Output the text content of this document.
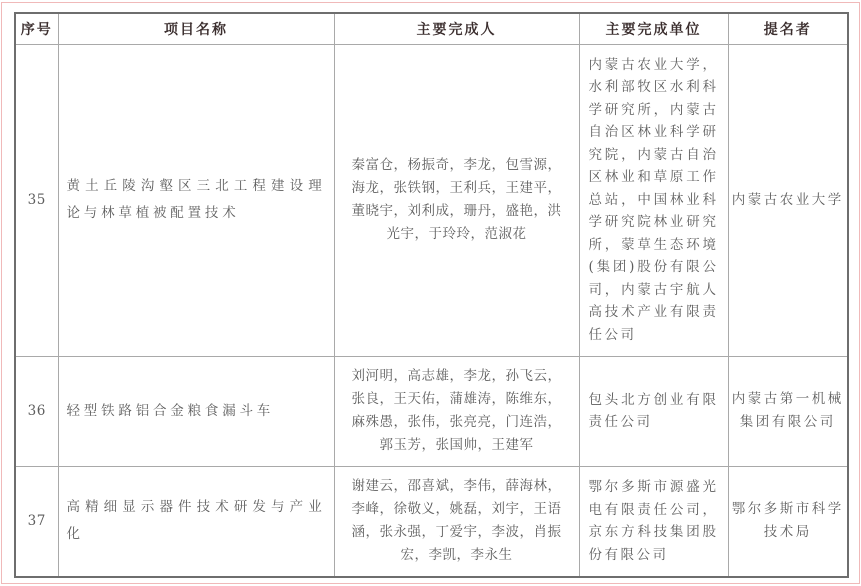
序号	项目名称	主要完成人	主要完成单位	提名者
35	黄土丘陵沟壑区三北工程建设理论与林草植被配置技术	秦富仓，杨振奇，李龙，包雪源，海龙，张铁钢，王利兵，王建平，董晓宇，刘利成，珊丹，盛艳，洪光宇，于玲玲，范淑花	内蒙古农业大学，水利部牧区水利科学研究所，内蒙古自治区林业科学研究院，内蒙古自治区林业和草原工作总站，中国林业科学研究院林业研究所，蒙草生态环境(集团)股份有限公司，内蒙古宇航人高技术产业有限责任公司	内蒙古农业大学
36	轻型铁路铝合金粮食漏斗车	刘河明，高志雄，李龙，孙飞云，张良，王天佑，蒲雄涛，陈维东，麻殊愚，张伟，张亮亮，门连浩，郭玉芳，张国帅，王建军	包头北方创业有限责任公司	内蒙古第一机械集团有限公司
37	高精细显示器件技术研发与产业化	谢建云，邵喜斌，李伟，薛海林，李峰，徐敬义，姚磊，刘宇，王语涵，张永强，丁爱宇，李波，肖振宏，李凯，李永生	鄂尔多斯市源盛光电有限责任公司，京东方科技集团股份有限公司	鄂尔多斯市科学技术局
